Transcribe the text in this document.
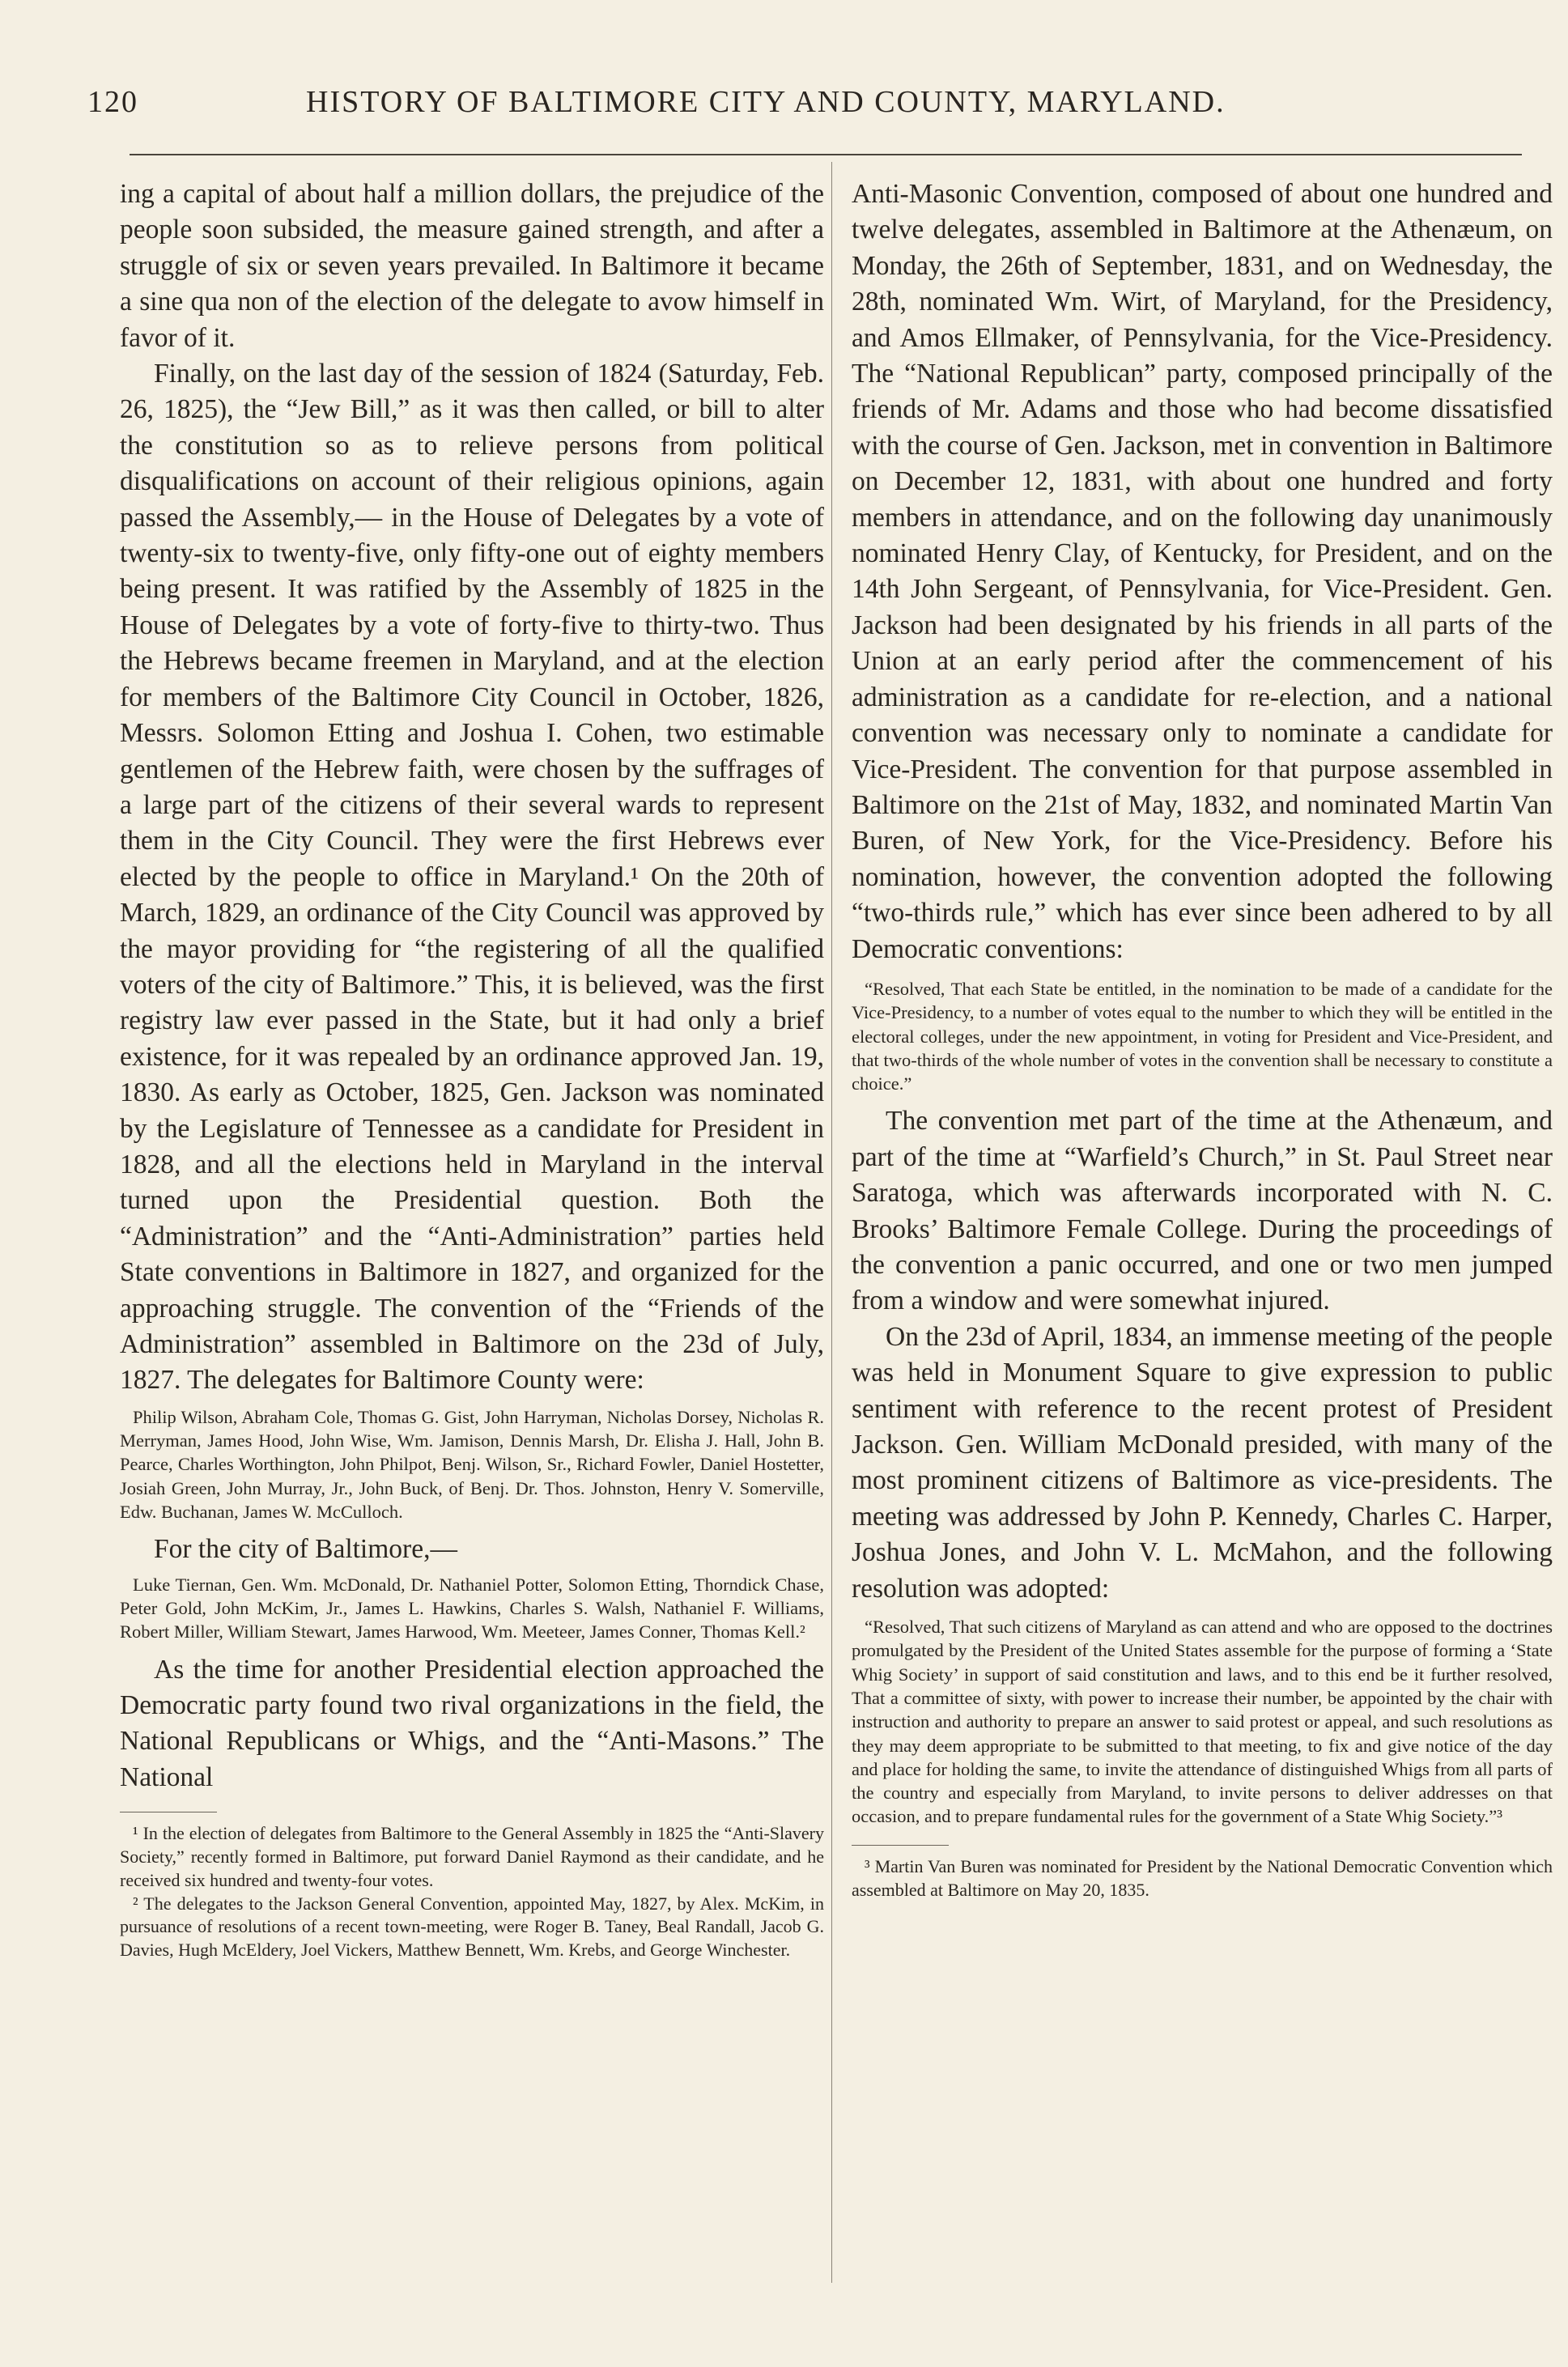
120	HISTORY OF BALTIMORE CITY AND COUNTY, MARYLAND.

ing a capital of about half a million dollars, the prejudice of the people soon subsided, the measure gained strength, and after a struggle of six or seven years prevailed. In Baltimore it became a sine qua non of the election of the delegate to avow himself in favor of it.

Finally, on the last day of the session of 1824 (Saturday, Feb. 26, 1825), the “Jew Bill,” as it was then called, or bill to alter the constitution so as to relieve persons from political disqualifications on account of their religious opinions, again passed the Assembly,— in the House of Delegates by a vote of twenty-six to twenty-five, only fifty-one out of eighty members being present. It was ratified by the Assembly of 1825 in the House of Delegates by a vote of forty-five to thirty-two. Thus the Hebrews became freemen in Maryland, and at the election for members of the Baltimore City Council in October, 1826, Messrs. Solomon Etting and Joshua I. Cohen, two estimable gentlemen of the Hebrew faith, were chosen by the suffrages of a large part of the citizens of their several wards to represent them in the City Council. They were the first Hebrews ever elected by the people to office in Maryland.¹ On the 20th of March, 1829, an ordinance of the City Council was approved by the mayor providing for “the registering of all the qualified voters of the city of Baltimore.” This, it is believed, was the first registry law ever passed in the State, but it had only a brief existence, for it was repealed by an ordinance approved Jan. 19, 1830. As early as October, 1825, Gen. Jackson was nominated by the Legislature of Tennessee as a candidate for President in 1828, and all the elections held in Maryland in the interval turned upon the Presidential question. Both the “Administration” and the “Anti-Administration” parties held State conventions in Baltimore in 1827, and organized for the approaching struggle. The convention of the “Friends of the Administration” assembled in Baltimore on the 23d of July, 1827. The delegates for Baltimore County were:

Philip Wilson, Abraham Cole, Thomas G. Gist, John Harryman, Nicholas Dorsey, Nicholas R. Merryman, James Hood, John Wise, Wm. Jamison, Dennis Marsh, Dr. Elisha J. Hall, John B. Pearce, Charles Worthington, John Philpot, Benj. Wilson, Sr., Richard Fowler, Daniel Hostetter, Josiah Green, John Murray, Jr., John Buck, of Benj. Dr. Thos. Johnston, Henry V. Somerville, Edw. Buchanan, James W. McCulloch.

For the city of Baltimore,—

Luke Tiernan, Gen. Wm. McDonald, Dr. Nathaniel Potter, Solomon Etting, Thorndick Chase, Peter Gold, John McKim, Jr., James L. Hawkins, Charles S. Walsh, Nathaniel F. Williams, Robert Miller, William Stewart, James Harwood, Wm. Meeteer, James Conner, Thomas Kell.²

As the time for another Presidential election approached the Democratic party found two rival organizations in the field, the National Republicans or Whigs, and the “Anti-Masons.” The National

¹ In the election of delegates from Baltimore to the General Assembly in 1825 the “Anti-Slavery Society,” recently formed in Baltimore, put forward Daniel Raymond as their candidate, and he received six hundred and twenty-four votes.

² The delegates to the Jackson General Convention, appointed May, 1827, by Alex. McKim, in pursuance of resolutions of a recent town-meeting, were Roger B. Taney, Beal Randall, Jacob G. Davies, Hugh McEldery, Joel Vickers, Matthew Bennett, Wm. Krebs, and George Winchester.

Anti-Masonic Convention, composed of about one hundred and twelve delegates, assembled in Baltimore at the Athenæum, on Monday, the 26th of September, 1831, and on Wednesday, the 28th, nominated Wm. Wirt, of Maryland, for the Presidency, and Amos Ellmaker, of Pennsylvania, for the Vice-Presidency. The “National Republican” party, composed principally of the friends of Mr. Adams and those who had become dissatisfied with the course of Gen. Jackson, met in convention in Baltimore on December 12, 1831, with about one hundred and forty members in attendance, and on the following day unanimously nominated Henry Clay, of Kentucky, for President, and on the 14th John Sergeant, of Pennsylvania, for Vice-President. Gen. Jackson had been designated by his friends in all parts of the Union at an early period after the commencement of his administration as a candidate for re-election, and a national convention was necessary only to nominate a candidate for Vice-President. The convention for that purpose assembled in Baltimore on the 21st of May, 1832, and nominated Martin Van Buren, of New York, for the Vice-Presidency. Before his nomination, however, the convention adopted the following “two-thirds rule,” which has ever since been adhered to by all Democratic conventions:

“Resolved, That each State be entitled, in the nomination to be made of a candidate for the Vice-Presidency, to a number of votes equal to the number to which they will be entitled in the electoral colleges, under the new appointment, in voting for President and Vice-President, and that two-thirds of the whole number of votes in the convention shall be necessary to constitute a choice.”

The convention met part of the time at the Athenæum, and part of the time at “Warfield’s Church,” in St. Paul Street near Saratoga, which was afterwards incorporated with N. C. Brooks’ Baltimore Female College. During the proceedings of the convention a panic occurred, and one or two men jumped from a window and were somewhat injured.

On the 23d of April, 1834, an immense meeting of the people was held in Monument Square to give expression to public sentiment with reference to the recent protest of President Jackson. Gen. William McDonald presided, with many of the most prominent citizens of Baltimore as vice-presidents. The meeting was addressed by John P. Kennedy, Charles C. Harper, Joshua Jones, and John V. L. McMahon, and the following resolution was adopted:

“Resolved, That such citizens of Maryland as can attend and who are opposed to the doctrines promulgated by the President of the United States assemble for the purpose of forming a ‘State Whig Society’ in support of said constitution and laws, and to this end be it further resolved, That a committee of sixty, with power to increase their number, be appointed by the chair with instruction and authority to prepare an answer to said protest or appeal, and such resolutions as they may deem appropriate to be submitted to that meeting, to fix and give notice of the day and place for holding the same, to invite the attendance of distinguished Whigs from all parts of the country and especially from Maryland, to invite persons to deliver addresses on that occasion, and to prepare fundamental rules for the government of a State Whig Society.”³

³ Martin Van Buren was nominated for President by the National Democratic Convention which assembled at Baltimore on May 20, 1835.
